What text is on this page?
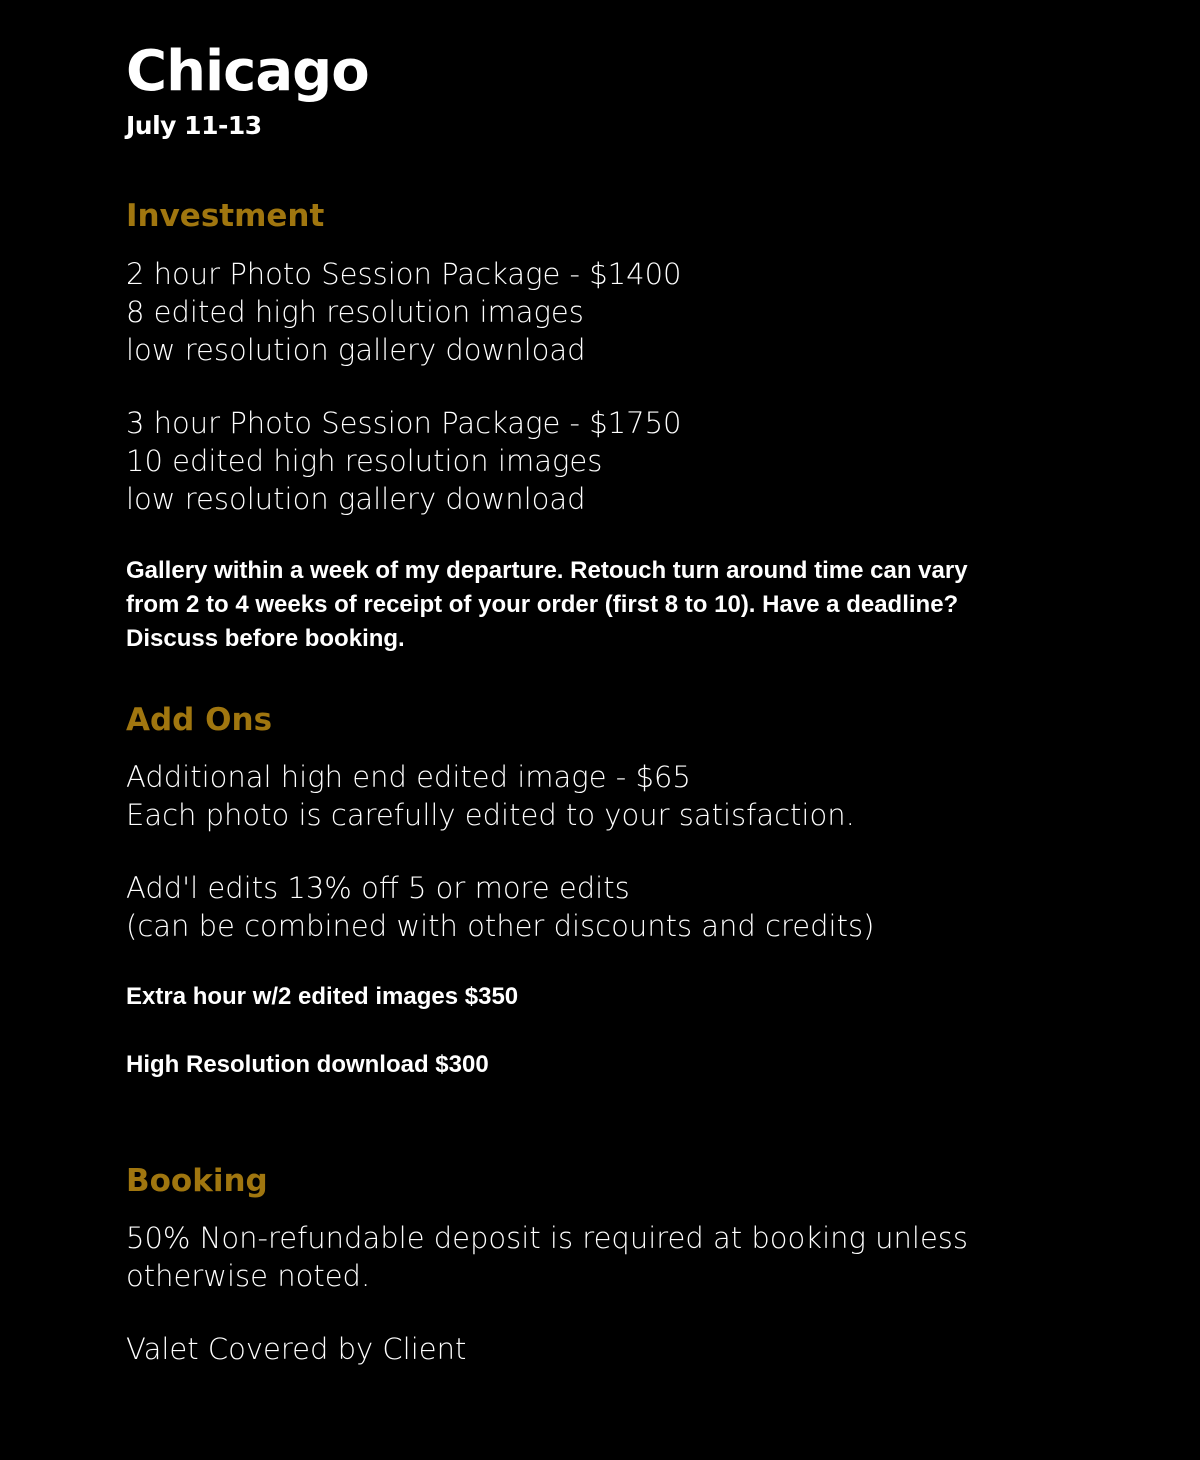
Chicago
July 11-13
Investment
2 hour Photo Session Package - $1400
8 edited high resolution images
low resolution gallery download
3 hour Photo Session Package - $1750
10 edited high resolution images
low resolution gallery download
Gallery within a week of my departure. Retouch turn around time can vary
from 2 to 4 weeks of receipt of your order (first 8 to 10). Have a deadline?
Discuss before booking.
Add Ons
Additional high end edited image - $65
Each photo is carefully edited to your satisfaction.
Add'l edits 13% off 5 or more edits
(can be combined with other discounts and credits)
Extra hour w/2 edited images $350
High Resolution download $300
Booking
50% Non-refundable deposit is required at booking unless
otherwise noted.
Valet Covered by Client
